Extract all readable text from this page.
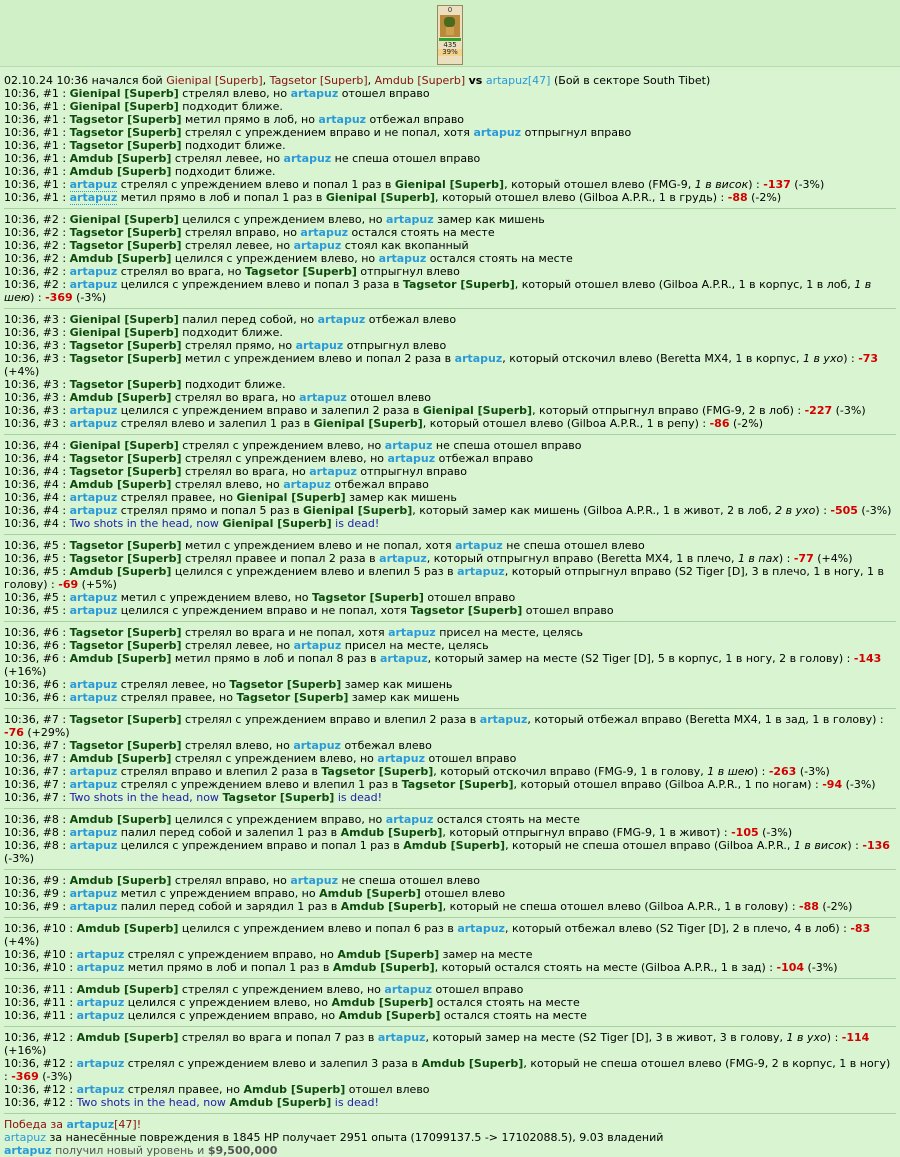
0
435
39%
02.10.24 10:36 начался бой Gienipal [Superb], Tagsetor [Superb], Amdub [Superb] vs artapuz[47] (Бой в секторе South Tibet)
10:36, #1 : Gienipal [Superb] стрелял влево, но artapuz отошел вправо
10:36, #1 : Gienipal [Superb] подходит ближе.
10:36, #1 : Tagsetor [Superb] метил прямо в лоб, но artapuz отбежал вправо
10:36, #1 : Tagsetor [Superb] стрелял с упреждением вправо и не попал, хотя artapuz отпрыгнул вправо
10:36, #1 : Tagsetor [Superb] подходит ближе.
10:36, #1 : Amdub [Superb] стрелял левее, но artapuz не спеша отошел вправо
10:36, #1 : Amdub [Superb] подходит ближе.
10:36, #1 : artapuz стрелял с упреждением влево и попал 1 раз в Gienipal [Superb], который отошел влево (FMG-9, 1 в висок) : -137 (-3%)
10:36, #1 : artapuz метил прямо в лоб и попал 1 раз в Gienipal [Superb], который отошел влево (Gilboa A.P.R., 1 в грудь) : -88 (-2%)
10:36, #2 : Gienipal [Superb] целился с упреждением влево, но artapuz замер как мишень
10:36, #2 : Tagsetor [Superb] стрелял вправо, но artapuz остался стоять на месте
10:36, #2 : Tagsetor [Superb] стрелял левее, но artapuz стоял как вкопанный
10:36, #2 : Amdub [Superb] целился с упреждением влево, но artapuz остался стоять на месте
10:36, #2 : artapuz стрелял во врага, но Tagsetor [Superb] отпрыгнул влево
10:36, #2 : artapuz целился с упреждением влево и попал 3 раза в Tagsetor [Superb], который отошел влево (Gilboa A.P.R., 1 в корпус, 1 в лоб, 1 в шею) : -369 (-3%)
10:36, #3 : Gienipal [Superb] палил перед собой, но artapuz отбежал влево
10:36, #3 : Gienipal [Superb] подходит ближе.
10:36, #3 : Tagsetor [Superb] стрелял прямо, но artapuz отпрыгнул влево
10:36, #3 : Tagsetor [Superb] метил с упреждением влево и попал 2 раза в artapuz, который отскочил влево (Beretta MX4, 1 в корпус, 1 в ухо) : -73 (+4%)
10:36, #3 : Tagsetor [Superb] подходит ближе.
10:36, #3 : Amdub [Superb] стрелял во врага, но artapuz отошел влево
10:36, #3 : artapuz целился с упреждением вправо и залепил 2 раза в Gienipal [Superb], который отпрыгнул вправо (FMG-9, 2 в лоб) : -227 (-3%)
10:36, #3 : artapuz стрелял влево и залепил 1 раз в Gienipal [Superb], который отошел влево (Gilboa A.P.R., 1 в репу) : -86 (-2%)
10:36, #4 : Gienipal [Superb] стрелял с упреждением влево, но artapuz не спеша отошел вправо
10:36, #4 : Tagsetor [Superb] стрелял с упреждением влево, но artapuz отбежал вправо
10:36, #4 : Tagsetor [Superb] стрелял во врага, но artapuz отпрыгнул вправо
10:36, #4 : Amdub [Superb] стрелял влево, но artapuz отбежал вправо
10:36, #4 : artapuz стрелял правее, но Gienipal [Superb] замер как мишень
10:36, #4 : artapuz стрелял прямо и попал 5 раз в Gienipal [Superb], который замер как мишень (Gilboa A.P.R., 1 в живот, 2 в лоб, 2 в ухо) : -505 (-3%)
10:36, #4 : Two shots in the head, now Gienipal [Superb] is dead!
10:36, #5 : Tagsetor [Superb] метил с упреждением влево и не попал, хотя artapuz не спеша отошел влево
10:36, #5 : Tagsetor [Superb] стрелял правее и попал 2 раза в artapuz, который отпрыгнул вправо (Beretta MX4, 1 в плечо, 1 в пах) : -77 (+4%)
10:36, #5 : Amdub [Superb] целился с упреждением влево и влепил 5 раз в artapuz, который отпрыгнул вправо (S2 Tiger [D], 3 в плечо, 1 в ногу, 1 в голову) : -69 (+5%)
10:36, #5 : artapuz метил с упреждением влево, но Tagsetor [Superb] отошел вправо
10:36, #5 : artapuz целился с упреждением вправо и не попал, хотя Tagsetor [Superb] отошел вправо
10:36, #6 : Tagsetor [Superb] стрелял во врага и не попал, хотя artapuz присел на месте, целясь
10:36, #6 : Tagsetor [Superb] стрелял левее, но artapuz присел на месте, целясь
10:36, #6 : Amdub [Superb] метил прямо в лоб и попал 8 раз в artapuz, который замер на месте (S2 Tiger [D], 5 в корпус, 1 в ногу, 2 в голову) : -143 (+16%)
10:36, #6 : artapuz стрелял левее, но Tagsetor [Superb] замер как мишень
10:36, #6 : artapuz стрелял правее, но Tagsetor [Superb] замер как мишень
10:36, #7 : Tagsetor [Superb] стрелял с упреждением вправо и влепил 2 раза в artapuz, который отбежал вправо (Beretta MX4, 1 в зад, 1 в голову) : -76 (+29%)
10:36, #7 : Tagsetor [Superb] стрелял влево, но artapuz отбежал влево
10:36, #7 : Amdub [Superb] стрелял с упреждением влево, но artapuz отошел вправо
10:36, #7 : artapuz стрелял вправо и влепил 2 раза в Tagsetor [Superb], который отскочил вправо (FMG-9, 1 в голову, 1 в шею) : -263 (-3%)
10:36, #7 : artapuz стрелял с упреждением влево и влепил 1 раз в Tagsetor [Superb], который отошел вправо (Gilboa A.P.R., 1 по ногам) : -94 (-3%)
10:36, #7 : Two shots in the head, now Tagsetor [Superb] is dead!
10:36, #8 : Amdub [Superb] целился с упреждением вправо, но artapuz остался стоять на месте
10:36, #8 : artapuz палил перед собой и залепил 1 раз в Amdub [Superb], который отпрыгнул вправо (FMG-9, 1 в живот) : -105 (-3%)
10:36, #8 : artapuz целился с упреждением вправо и попал 1 раз в Amdub [Superb], который не спеша отошел вправо (Gilboa A.P.R., 1 в висок) : -136 (-3%)
10:36, #9 : Amdub [Superb] стрелял вправо, но artapuz не спеша отошел влево
10:36, #9 : artapuz метил с упреждением вправо, но Amdub [Superb] отошел влево
10:36, #9 : artapuz палил перед собой и зарядил 1 раз в Amdub [Superb], который не спеша отошел влево (Gilboa A.P.R., 1 в голову) : -88 (-2%)
10:36, #10 : Amdub [Superb] целился с упреждением влево и попал 6 раз в artapuz, который отбежал влево (S2 Tiger [D], 2 в плечо, 4 в лоб) : -83 (+4%)
10:36, #10 : artapuz стрелял с упреждением вправо, но Amdub [Superb] замер на месте
10:36, #10 : artapuz метил прямо в лоб и попал 1 раз в Amdub [Superb], который остался стоять на месте (Gilboa A.P.R., 1 в зад) : -104 (-3%)
10:36, #11 : Amdub [Superb] стрелял с упреждением влево, но artapuz отошел вправо
10:36, #11 : artapuz целился с упреждением влево, но Amdub [Superb] остался стоять на месте
10:36, #11 : artapuz целился с упреждением вправо, но Amdub [Superb] остался стоять на месте
10:36, #12 : Amdub [Superb] стрелял во врага и попал 7 раз в artapuz, который замер на месте (S2 Tiger [D], 3 в живот, 3 в голову, 1 в ухо) : -114 (+16%)
10:36, #12 : artapuz стрелял с упреждением влево и залепил 3 раза в Amdub [Superb], который не спеша отошел влево (FMG-9, 2 в корпус, 1 в ногу) : -369 (-3%)
10:36, #12 : artapuz стрелял правее, но Amdub [Superb] отошел влево
10:36, #12 : Two shots in the head, now Amdub [Superb] is dead!
Победа за artapuz[47]!
artapuz за нанесённые повреждения в 1845 HP получает 2951 опыта (17099137.5 -> 17102088.5), 9.03 владений
artapuz получил новый уровень и $9,500,000
